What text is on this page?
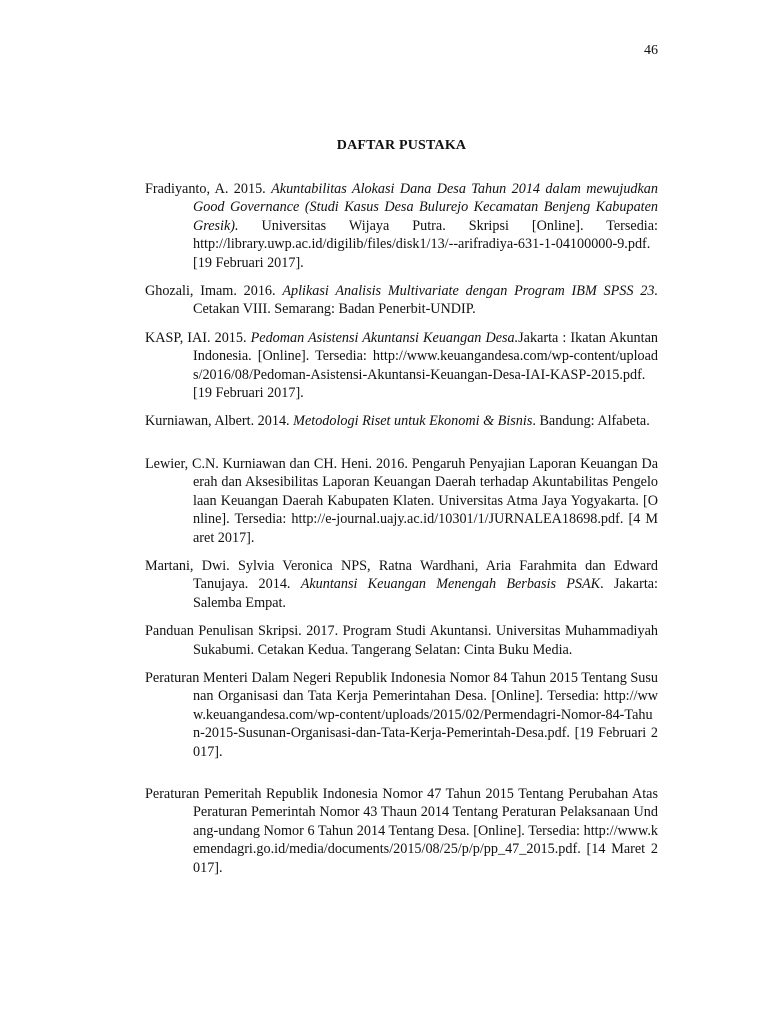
46
DAFTAR PUSTAKA

Fradiyanto, A. 2015. Akuntabilitas Alokasi Dana Desa Tahun 2014 dalam mewujudkan Good Governance (Studi Kasus Desa Bulurejo Kecamatan Benjeng Kabupaten Gresik). Universitas Wijaya Putra. Skripsi [Online]. Tersedia: http://library.uwp.ac.id/digilib/files/disk1/13/--arifradiya-631-1-04100000-9.pdf. [19 Februari 2017].

Ghozali, Imam. 2016. Aplikasi Analisis Multivariate dengan Program IBM SPSS 23. Cetakan VIII. Semarang: Badan Penerbit-UNDIP.

KASP, IAI. 2015. Pedoman Asistensi Akuntansi Keuangan Desa.Jakarta : Ikatan Akuntan Indonesia. [Online]. Tersedia: http://www.keuangandesa.com/wp-content/uploads/2016/08/Pedoman-Asistensi-Akuntansi-Keuangan-Desa-IAI-KASP-2015.pdf. [19 Februari 2017].

Kurniawan, Albert. 2014. Metodologi Riset untuk Ekonomi & Bisnis. Bandung: Alfabeta.

Lewier, C.N. Kurniawan dan CH. Heni. 2016. Pengaruh Penyajian Laporan Keuangan Daerah dan Aksesibilitas Laporan Keuangan Daerah terhadap Akuntabilitas Pengelolaan Keuangan Daerah Kabupaten Klaten. Universitas Atma Jaya Yogyakarta. [Online]. Tersedia: http://e-journal.uajy.ac.id/10301/1/JURNALEA18698.pdf. [4 Maret 2017].

Martani, Dwi. Sylvia Veronica NPS, Ratna Wardhani, Aria Farahmita dan Edward Tanujaya. 2014. Akuntansi Keuangan Menengah Berbasis PSAK. Jakarta: Salemba Empat.

Panduan Penulisan Skripsi. 2017. Program Studi Akuntansi. Universitas Muhammadiyah Sukabumi. Cetakan Kedua. Tangerang Selatan: Cinta Buku Media.

Peraturan Menteri Dalam Negeri Republik Indonesia Nomor 84 Tahun 2015 Tentang Susunan Organisasi dan Tata Kerja Pemerintahan Desa. [Online]. Tersedia: http://www.keuangandesa.com/wp-content/uploads/2015/02/Permendagri-Nomor-84-Tahun-2015-Susunan-Organisasi-dan-Tata-Kerja-Pemerintah-Desa.pdf. [19 Februari 2017].

Peraturan Pemeritah Republik Indonesia Nomor 47 Tahun 2015 Tentang Perubahan Atas Peraturan Pemerintah Nomor 43 Thaun 2014 Tentang Peraturan Pelaksanaan Undang-undang Nomor 6 Tahun 2014 Tentang Desa. [Online]. Tersedia: http://www.kemendagri.go.id/media/documents/2015/08/25/p/p/pp_47_2015.pdf. [14 Maret 2017].
